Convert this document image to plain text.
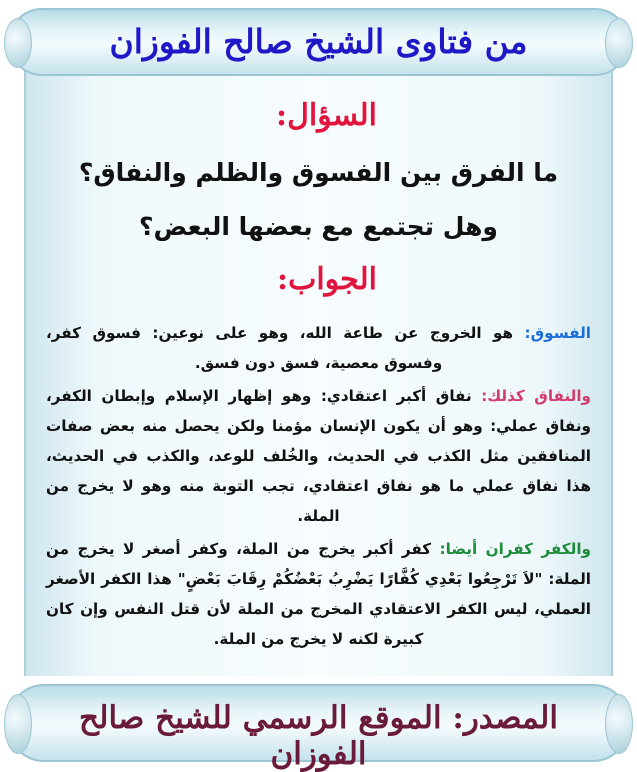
من فتاوى الشيخ صالح الفوزان
السؤال:
ما الفرق بين الفسوق والظلم والنفاق؟
وهل تجتمع مع بعضها البعض؟
الجواب:

الفسوق: هو الخروج عن طاعة الله، وهو على نوعين: فسوق كفر، وفسوق معصية، فسق دون فسق.

والنفاق كذلك: نفاق أكبر اعتقادي: وهو إظهار الإسلام وإبطان الكفر، ونفاق عملي: وهو أن يكون الإنسان مؤمنا ولكن يحصل منه بعض صفات المنافقين مثل الكذب في الحديث، والخُلف للوعد، والكذب في الحديث، هذا نفاق عملي ما هو نفاق اعتقادي، تجب التوبة منه وهو لا يخرج من الملة.

والكفر كفران أيضا: كفر أكبر يخرج من الملة، وكفر أصغر لا يخرج من الملة: "لاَ تَرْجِعُوا بَعْدِي كُفَّارًا يَضْرِبُ بَعْضُكُمْ رِقَابَ بَعْضٍ" هذا الكفر الأصغر العملي، ليس الكفر الاعتقادي المخرج من الملة لأن قتل النفس وإن كان كبيرة لكنه لا يخرج من الملة.

المصدر: الموقع الرسمي للشيخ صالح الفوزان
